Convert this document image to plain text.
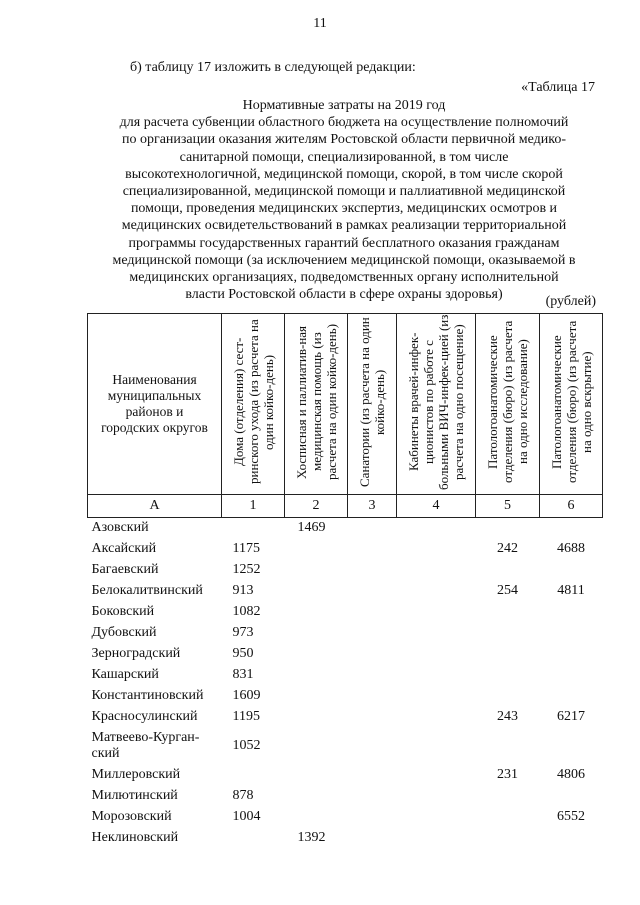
11
б) таблицу 17 изложить в следующей редакции:
«Таблица 17
Нормативные затраты на 2019 год
для расчета субвенции областного бюджета на осуществление полномочий
по организации оказания жителям Ростовской области первичной медико-
санитарной помощи, специализированной, в том числе
высокотехнологичной, медицинской помощи, скорой, в том числе скорой
специализированной, медицинской помощи и паллиативной медицинской
помощи, проведения медицинских экспертиз, медицинских осмотров и
медицинских освидетельствований в рамках реализации территориальной
программы государственных гарантий бесплатного оказания гражданам
медицинской помощи (за исключением медицинской помощи, оказываемой в
медицинских организациях, подведомственных органу исполнительной
власти Ростовской области в сфере охраны здоровья)	(рублей)
Наименования
муниципальных
районов и
городских округов	Дома (отделения) сест-ринского ухода (из расчета на один койко-день)	Хосписная и паллиатив-ная медицинская помощь (из расчета на один койко-день)	Санатории (из расчета на один койко-день)	Кабинеты врачей-инфек-ционистов по работе с больными ВИЧ-инфек-цией (из расчета на одно посещение)	Патологоанатомические отделения (бюро) (из расчета на одно исследование)	Патологоанатомические отделения (бюро) (из расчета на одно вскрытие)
А	1	2	3	4	5	6
Азовский		1469				
Аксайский	1175				242	4688
Багаевский	1252					
Белокалитвинский	913				254	4811
Боковский	1082					
Дубовский	973					
Зерноградский	950					
Кашарский	831					
Константиновский	1609					
Красносулинский	1195				243	6217
Матвеево-Курган-ский	1052					
Миллеровский					231	4806
Милютинский	878					
Морозовский	1004					6552
Неклиновский		1392				
